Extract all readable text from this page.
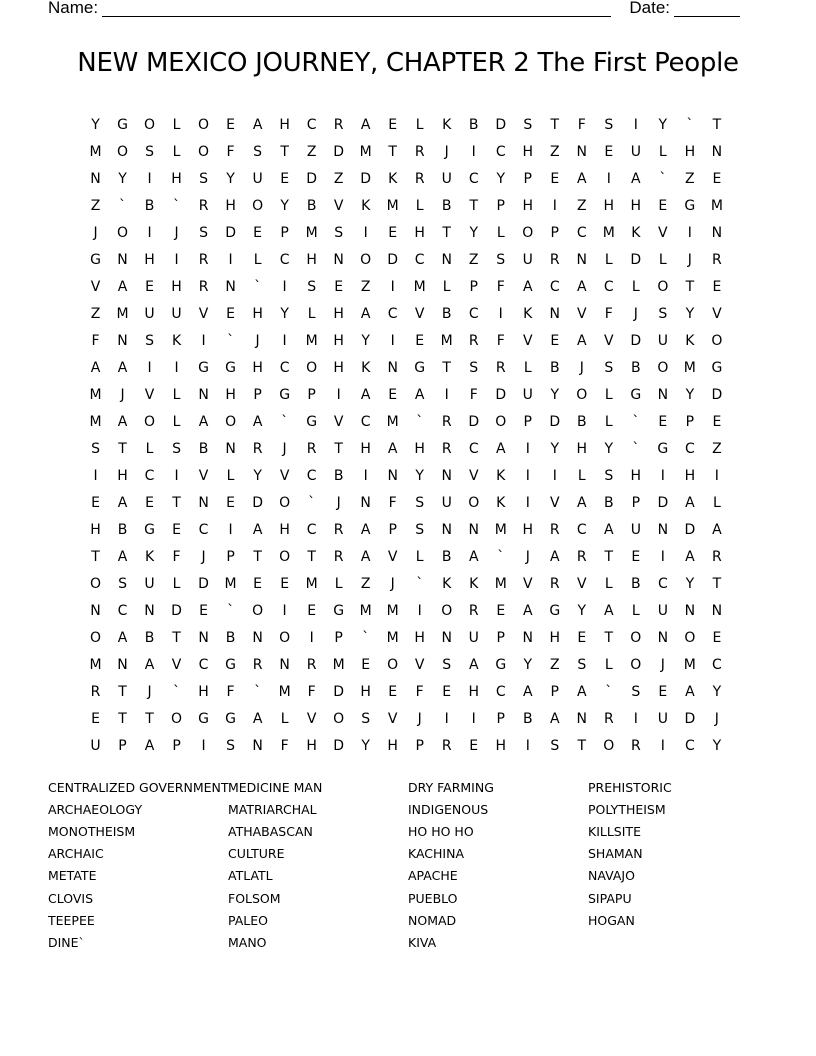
Name:	Date:
NEW MEXICO JOURNEY, CHAPTER 2 The First People
Y	G	O	L	O	E	A	H	C	R	A	E	L	K	B	D	S	T	F	S	I	Y	`	T
M	O	S	L	O	F	S	T	Z	D	M	T	R	J	I	C	H	Z	N	E	U	L	H	N
N	Y	I	H	S	Y	U	E	D	Z	D	K	R	U	C	Y	P	E	A	I	A	`	Z	E
Z	`	B	`	R	H	O	Y	B	V	K	M	L	B	T	P	H	I	Z	H	H	E	G	M
J	O	I	J	S	D	E	P	M	S	I	E	H	T	Y	L	O	P	C	M	K	V	I	N
G	N	H	I	R	I	L	C	H	N	O	D	C	N	Z	S	U	R	N	L	D	L	J	R
V	A	E	H	R	N	`	I	S	E	Z	I	M	L	P	F	A	C	A	C	L	O	T	E
Z	M	U	U	V	E	H	Y	L	H	A	C	V	B	C	I	K	N	V	F	J	S	Y	V
F	N	S	K	I	`	J	I	M	H	Y	I	E	M	R	F	V	E	A	V	D	U	K	O
A	A	I	I	G	G	H	C	O	H	K	N	G	T	S	R	L	B	J	S	B	O	M	G
M	J	V	L	N	H	P	G	P	I	A	E	A	I	F	D	U	Y	O	L	G	N	Y	D
M	A	O	L	A	O	A	`	G	V	C	M	`	R	D	O	P	D	B	L	`	E	P	E
S	T	L	S	B	N	R	J	R	T	H	A	H	R	C	A	I	Y	H	Y	`	G	C	Z
I	H	C	I	V	L	Y	V	C	B	I	N	Y	N	V	K	I	I	L	S	H	I	H	I
E	A	E	T	N	E	D	O	`	J	N	F	S	U	O	K	I	V	A	B	P	D	A	L
H	B	G	E	C	I	A	H	C	R	A	P	S	N	N	M	H	R	C	A	U	N	D	A
T	A	K	F	J	P	T	O	T	R	A	V	L	B	A	`	J	A	R	T	E	I	A	R
O	S	U	L	D	M	E	E	M	L	Z	J	`	K	K	M	V	R	V	L	B	C	Y	T
N	C	N	D	E	`	O	I	E	G	M	M	I	O	R	E	A	G	Y	A	L	U	N	N
O	A	B	T	N	B	N	O	I	P	`	M	H	N	U	P	N	H	E	T	O	N	O	E
M	N	A	V	C	G	R	N	R	M	E	O	V	S	A	G	Y	Z	S	L	O	J	M	C
R	T	J	`	H	F	`	M	F	D	H	E	F	E	H	C	A	P	A	`	S	E	A	Y
E	T	T	O	G	G	A	L	V	O	S	V	J	I	I	P	B	A	N	R	I	U	D	J
U	P	A	P	I	S	N	F	H	D	Y	H	P	R	E	H	I	S	T	O	R	I	C	Y
CENTRALIZED GOVERNMENT
ARCHAEOLOGY
MONOTHEISM
ARCHAIC
METATE
CLOVIS
TEEPEE
DINE`
MEDICINE MAN
MATRIARCHAL
ATHABASCAN
CULTURE
ATLATL
FOLSOM
PALEO
MANO
DRY FARMING
INDIGENOUS
HO HO HO
KACHINA
APACHE
PUEBLO
NOMAD
KIVA
PREHISTORIC
POLYTHEISM
KILLSITE
SHAMAN
NAVAJO
SIPAPU
HOGAN
